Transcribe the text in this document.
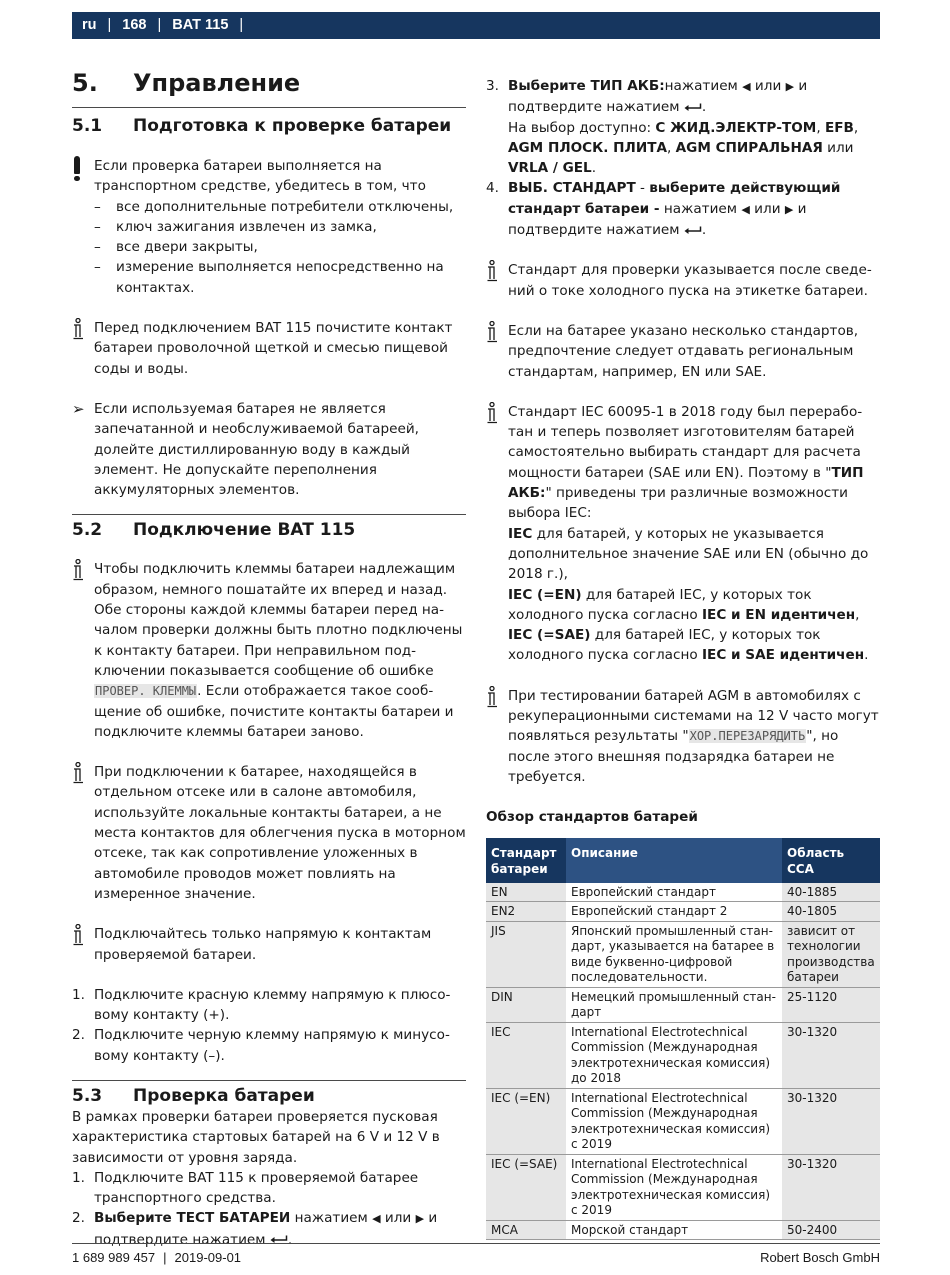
ru | 168 | BAT 115 |
5. Управление
5.1 Подготовка к проверке батареи
Если проверка батареи выполняется на транспортном средстве, убедитесь в том, что
– все дополнительные потребители отключены,
– ключ зажигания извлечен из замка,
– все двери закрыты,
– измерение выполняется непосредственно на контактах.
Перед подключением BAT 115 почистите контакт батареи проволочной щеткой и смесью пищевой соды и воды.
➢ Если используемая батарея не является запечатанной и необслуживаемой батареей, долейте дистиллированную воду в каждый элемент. Не допускайте переполнения аккумуляторных элементов.
5.2 Подключение BAT 115
Чтобы подключить клеммы батареи надлежащим образом, немного пошатайте их вперед и назад. Обе стороны каждой клеммы батареи перед началом проверки должны быть плотно подключены к контакту батареи. При неправильном подключении показывается сообщение об ошибке ПРОВЕР. КЛЕММЫ. Если отображается такое сообщение об ошибке, почистите контакты батареи и подключите клеммы батареи заново.
При подключении к батарее, находящейся в отдельном отсеке или в салоне автомобиля, используйте локальные контакты батареи, а не места контактов для облегчения пуска в моторном отсеке, так как сопротивление уложенных в автомобиле проводов может повлиять на измеренное значение.
Подключайтесь только напрямую к контактам проверяемой батареи.
1. Подключите красную клемму напрямую к плюсовому контакту (+).
2. Подключите черную клемму напрямую к минусовому контакту (–).
5.3 Проверка батареи
В рамках проверки батареи проверяется пусковая характеристика стартовых батарей на 6 V и 12 V в зависимости от уровня заряда.
1. Подключите BAT 115 к проверяемой батарее транспортного средства.
2. Выберите ТЕСТ БАТАРЕИ нажатием ◀ или ▶ и подтвердите нажатием .
3. Выберите ТИП АКБ:нажатием ◀ или ▶ и подтвердите нажатием .
На выбор доступно: С ЖИД.ЭЛЕКТР-ТОМ, EFB, AGM ПЛОСК. ПЛИТА, AGM СПИРАЛЬНАЯ или VRLA / GEL.
4. ВЫБ. СТАНДАРТ - выберите действующий стандарт батареи - нажатием ◀ или ▶ и подтвердите нажатием .
Стандарт для проверки указывается после сведений о токе холодного пуска на этикетке батареи.
Если на батарее указано несколько стандартов, предпочтение следует отдавать региональным стандартам, например, EN или SAE.
Стандарт IEC 60095-1 в 2018 году был переработан и теперь позволяет изготовителям батарей самостоятельно выбирать стандарт для расчета мощности батареи (SAE или EN). Поэтому в "ТИП АКБ:" приведены три различные возможности выбора IEC:
IEC для батарей, у которых не указывается дополнительное значение SAE или EN (обычно до 2018 г.),
IEC (=EN) для батарей IEC, у которых ток холодного пуска согласно IEC и EN идентичен,
IEC (=SAE) для батарей IEC, у которых ток холодного пуска согласно IEC и SAE идентичен.
При тестировании батарей AGM в автомобилях с рекуперационными системами на 12 V часто могут появляться результаты "ХОР.ПЕРЕЗАРЯДИТЬ", но после этого внешняя подзарядка батареи не требуется.
Обзор стандартов батарей
Стандарт батареи	Описание	Область CCA
EN	Европейский стандарт	40-1885
EN2	Европейский стандарт 2	40-1805
JIS	Японский промышленный стандарт, указывается на батарее в виде буквенно-цифровой последовательности.	зависит от технологии производства батареи
DIN	Немецкий промышленный стандарт	25-1120
IEC	International Electrotechnical Commission (Международная электротехническая комиссия) до 2018	30-1320
IEC (=EN)	International Electrotechnical Commission (Международная электротехническая комиссия) с 2019	30-1320
IEC (=SAE)	International Electrotechnical Commission (Международная электротехническая комиссия) с 2019	30-1320
MCA	Морской стандарт	50-2400
1 689 989 457 | 2019-09-01	Robert Bosch GmbH
